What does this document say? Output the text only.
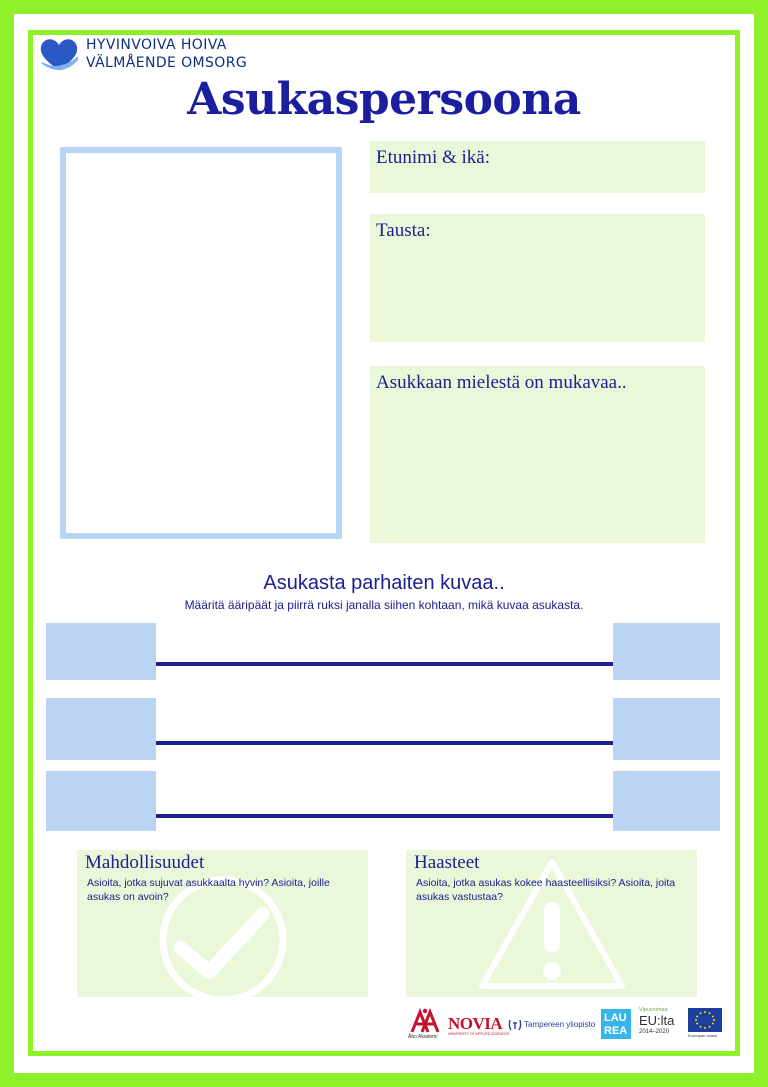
HYVINVOIVA HOIVA
VÄLMÅENDE OMSORG
Asukaspersoona
Etunimi & ikä:
Tausta:
Asukkaan mielestä on mukavaa..
Asukasta parhaiten kuvaa..
Määritä ääripäät ja piirrä ruksi janalla siihen kohtaan, mikä kuvaa asukasta.
Mahdollisuudet
Asioita, jotka sujuvat asukkaalta hyvin? Asioita, joille asukas on avoin?
Haasteet
Asioita, jotka asukas kokee haasteellisiksi? Asioita, joita asukas vastustaa?
Åbo Akademi
NOVIA
UNIVERSITY OF APPLIED SCIENCES
Tampereen yliopisto
LAU
REA
Vipuvoimaa
EU:lta
2014–2020
Euroopan unioni
